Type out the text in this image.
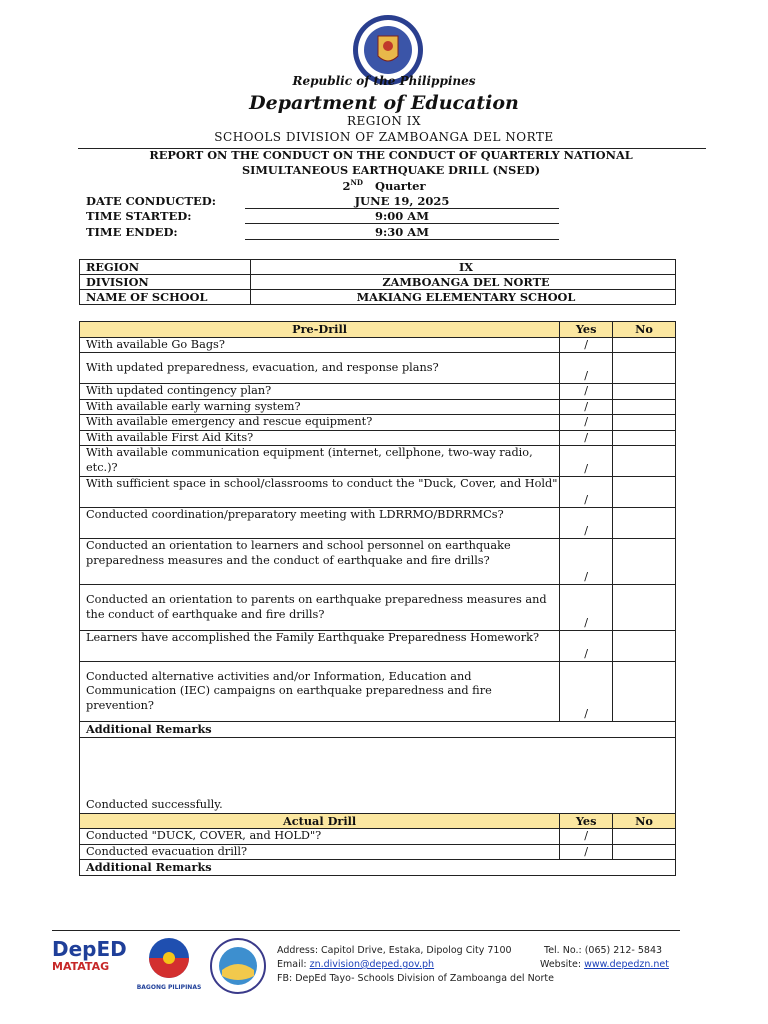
Republic of the Philippines
Department of Education
REGION IX
SCHOOLS DIVISION OF ZAMBOANGA DEL NORTE
REPORT ON THE CONDUCT ON THE CONDUCT OF QUARTERLY NATIONAL
SIMULTANEOUS EARTHQUAKE DRILL (NSED)
2ND Quarter
DATE CONDUCTED:	JUNE 19, 2025
TIME STARTED:	9:00 AM
TIME ENDED:	9:30 AM
REGION	IX
DIVISION	ZAMBOANGA DEL NORTE
NAME OF SCHOOL	MAKIANG ELEMENTARY SCHOOL
Pre-Drill	Yes	No
With available Go Bags?	/	
With updated preparedness, evacuation, and response plans?	/	
With updated contingency plan?	/	
With available early warning system?	/	
With available emergency and rescue equipment?	/	
With available First Aid Kits?	/	
With available communication equipment (internet, cellphone, two-way radio, etc.)?	/	
With sufficient space in school/classrooms to conduct the "Duck, Cover, and Hold"	/	
Conducted coordination/preparatory meeting with LDRRMO/BDRRMCs?	/	
Conducted an orientation to learners and school personnel on earthquake preparedness measures and the conduct of earthquake and fire drills?	/	
Conducted an orientation to parents on earthquake preparedness measures and the conduct of earthquake and fire drills?	/	
Learners have accomplished the Family Earthquake Preparedness Homework?	/	
Conducted alternative activities and/or Information, Education and Communication (IEC) campaigns on earthquake preparedness and fire prevention?	/	
Additional Remarks		
Conducted successfully.		
Actual Drill	Yes	No
Conducted "DUCK, COVER, and HOLD"?	/	
Conducted evacuation drill?	/	
Additional Remarks		
DepED
MATATAG
BAGONG PILIPINAS
Address: Capitol Drive, Estaka, Dipolog City 7100	Tel. No.: (065) 212- 5843
Email: zn.division@deped.gov.ph	Website: www.depedzn.net
FB: DepEd Tayo- Schools Division of Zamboanga del Norte
